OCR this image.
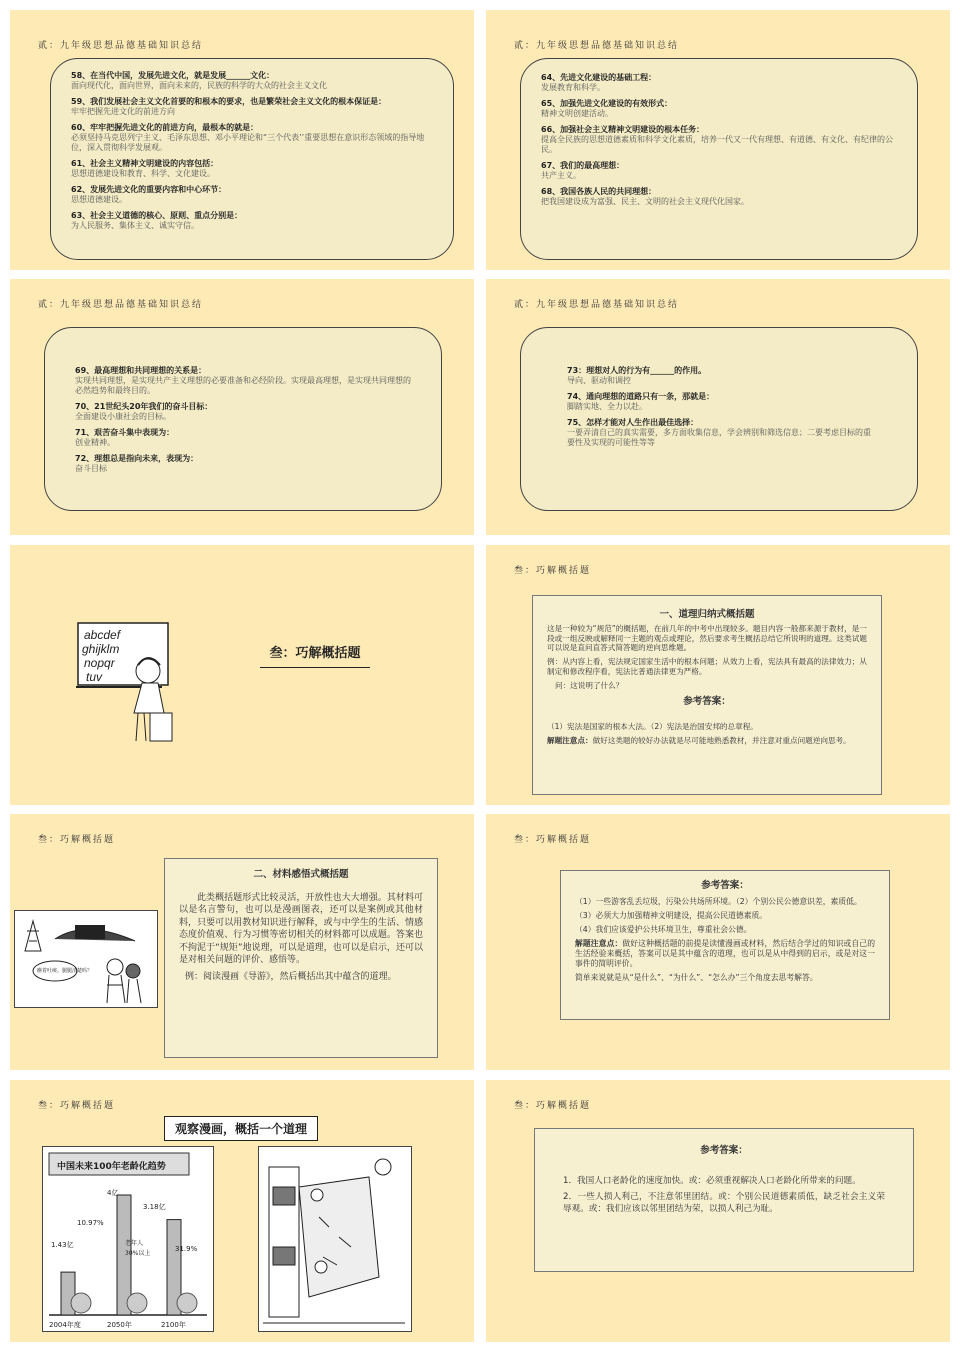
贰：九年级思想品德基础知识总结
58、在当代中国，发展先进文化，就是发展______文化：
面向现代化，面向世界，面向未来的，民族的科学的大众的社会主义文化
59、我们发展社会主义文化首要的和根本的要求，也是繁荣社会主义文化的根本保证是：
牢牢把握先进文化的前进方向
60、牢牢把握先进文化的前进方向，最根本的就是：
必须坚持马克思列宁主义、毛泽东思想、邓小平理论和“三个代表’’重要思想在意识形态领域的指导地位，深入贯彻科学发展观。
61、社会主义精神文明建设的内容包括：
思想道德建设和教育、科学、文化建设。
62、发展先进文化的重要内容和中心环节：
思想道德建设。
63、社会主义道德的核心、原则、重点分别是：
为人民服务、集体主义、诚实守信。
贰：九年级思想品德基础知识总结
64、先进文化建设的基础工程：
发展教育和科学。
65、加强先进文化建设的有效形式：
精神文明创建活动。
66、加强社会主义精神文明建设的根本任务：
提高全民族的思想道德素质和科学文化素质，培养一代又一代有理想、有道德、有文化、有纪律的公民。
67、我们的最高理想：
共产主义。
68、我国各族人民的共同理想：
把我国建设成为富强、民主、文明的社会主义现代化国家。
贰：九年级思想品德基础知识总结
69、最高理想和共同理想的关系是：
实现共同理想，是实现共产主义理想的必要准备和必经阶段。实现最高理想，是实现共同理想的必然趋势和最终目的。
70、21世纪头20年我们的奋斗目标：
全面建设小康社会的目标。
71、艰苦奋斗集中表现为：
创业精神。
72、理想总是指向未来，表现为：
奋斗目标
贰：九年级思想品德基础知识总结
73：理想对人的行为有______的作用。
导向、驱动和调控
74、通向理想的道路只有一条，那就是：
脚踏实地、全力以赴。
75、怎样才能对人生作出最佳选择：
一要弄清自己的真实需要，多方面收集信息，学会辨别和筛选信息；二要考虑目标的重要性及实现的可能性等等
abcdef
ghijklm
nopqr
tuv
叁：巧解概括题
叁：巧解概括题
一、道理归纳式概括题

这是一种较为“规范”的概括题，在前几年的中考中出现较多。题目内容一般都来源于教材，是一段或一组反映或解释同一主题的观点或理论，然后要求考生概括总结它所说明的道理。这类试题可以说是直问直答式简答题的逆向思维题。

例：从内容上看，宪法规定国家生活中的根本问题；从效力上看，宪法具有最高的法律效力；从制定和修改程序看，宪法比普通法律更为严格。

问：这说明了什么？

参考答案：

（1）宪法是国家的根本大法。（2）宪法是治国安邦的总章程。

解题注意点：做好这类题的较好办法就是尽可能地熟悉教材，并注意对重点问题逆向思考。

叁：巧解概括题
瞧着吐痰。腿腿清楚吗？
二、材料感悟式概括题

此类概括题形式比较灵活，开放性也大大增强。其材料可以是名言警句，也可以是漫画图表，还可以是案例或其他材料，只要可以用教材知识进行解释，或与中学生的生活、情感态度价值观、行为习惯等密切相关的材料都可以成题。答案也不拘泥于“规矩”地说理，可以是道理，也可以是启示，还可以是对相关问题的评价、感悟等。

例：阅读漫画《导游》，然后概括出其中蕴含的道理。

叁：巧解概括题
参考答案：

（1）一些游客乱丢垃圾，污染公共场所环境。（2）个别公民公德意识差，素质低。

（3）必须大力加强精神文明建设，提高公民道德素质。

（4）我们应该爱护公共环境卫生，尊重社会公德。

解题注意点：做好这种概括题的前提是读懂漫画或材料，然后结合学过的知识或自己的生活经验来概括，答案可以是其中蕴含的道理，也可以是从中得到的启示，或是对这一事件的简明评价。

简单来说就是从“是什么”、“为什么”、“怎么办”三个角度去思考解答。

叁：巧解概括题
观察漫画，概括一个道理
中国未来100年老龄化趋势
1.43亿
10.97%
4亿
3.18亿
老年人
30%以上
31.9%
2004年度	2050年	2100年
叁：巧解概括题
参考答案：

1．我国人口老龄化的速度加快。或：必须重视解决人口老龄化所带来的问题。

2．一些人损人利己，不注意邻里团结。或：个别公民道德素质低，缺乏社会主义荣辱观。或：我们应该以邻里团结为荣，以损人利己为耻。
